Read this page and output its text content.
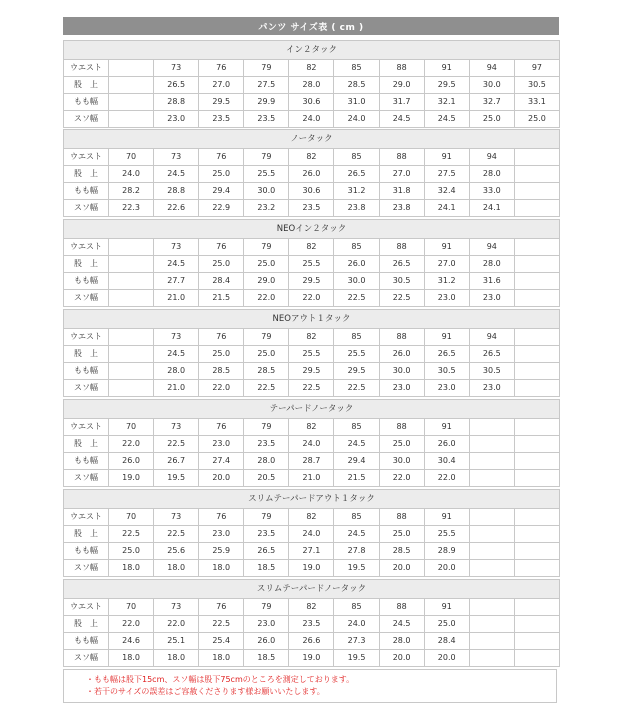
パンツ サイズ表 ( cm )
イン２タック										
ウエスト		73	76	79	82	85	88	91	94	97
股　上		26.5	27.0	27.5	28.0	28.5	29.0	29.5	30.0	30.5
もも幅		28.8	29.5	29.9	30.6	31.0	31.7	32.1	32.7	33.1
スソ幅		23.0	23.5	23.5	24.0	24.0	24.5	24.5	25.0	25.0
ノータック										
ウエスト	70	73	76	79	82	85	88	91	94	
股　上	24.0	24.5	25.0	25.5	26.0	26.5	27.0	27.5	28.0	
もも幅	28.2	28.8	29.4	30.0	30.6	31.2	31.8	32.4	33.0	
スソ幅	22.3	22.6	22.9	23.2	23.5	23.8	23.8	24.1	24.1	
NEOイン２タック										
ウエスト		73	76	79	82	85	88	91	94	
股　上		24.5	25.0	25.0	25.5	26.0	26.5	27.0	28.0	
もも幅		27.7	28.4	29.0	29.5	30.0	30.5	31.2	31.6	
スソ幅		21.0	21.5	22.0	22.0	22.5	22.5	23.0	23.0	
NEOアウト１タック										
ウエスト		73	76	79	82	85	88	91	94	
股　上		24.5	25.0	25.0	25.5	25.5	26.0	26.5	26.5	
もも幅		28.0	28.5	28.5	29.5	29.5	30.0	30.5	30.5	
スソ幅		21.0	22.0	22.5	22.5	22.5	23.0	23.0	23.0	
テーパードノータック										
ウエスト	70	73	76	79	82	85	88	91		
股　上	22.0	22.5	23.0	23.5	24.0	24.5	25.0	26.0		
もも幅	26.0	26.7	27.4	28.0	28.7	29.4	30.0	30.4		
スソ幅	19.0	19.5	20.0	20.5	21.0	21.5	22.0	22.0		
スリムテーパードアウト１タック										
ウエスト	70	73	76	79	82	85	88	91		
股　上	22.5	22.5	23.0	23.5	24.0	24.5	25.0	25.5		
もも幅	25.0	25.6	25.9	26.5	27.1	27.8	28.5	28.9		
スソ幅	18.0	18.0	18.0	18.5	19.0	19.5	20.0	20.0		
スリムテーパードノータック										
ウエスト	70	73	76	79	82	85	88	91		
股　上	22.0	22.0	22.5	23.0	23.5	24.0	24.5	25.0		
もも幅	24.6	25.1	25.4	26.0	26.6	27.3	28.0	28.4		
スソ幅	18.0	18.0	18.0	18.5	19.0	19.5	20.0	20.0		
・もも幅は股下15cm、スソ幅は股下75cmのところを測定しております。
・若干のサイズの誤差はご容赦くださります様お願いいたします。
